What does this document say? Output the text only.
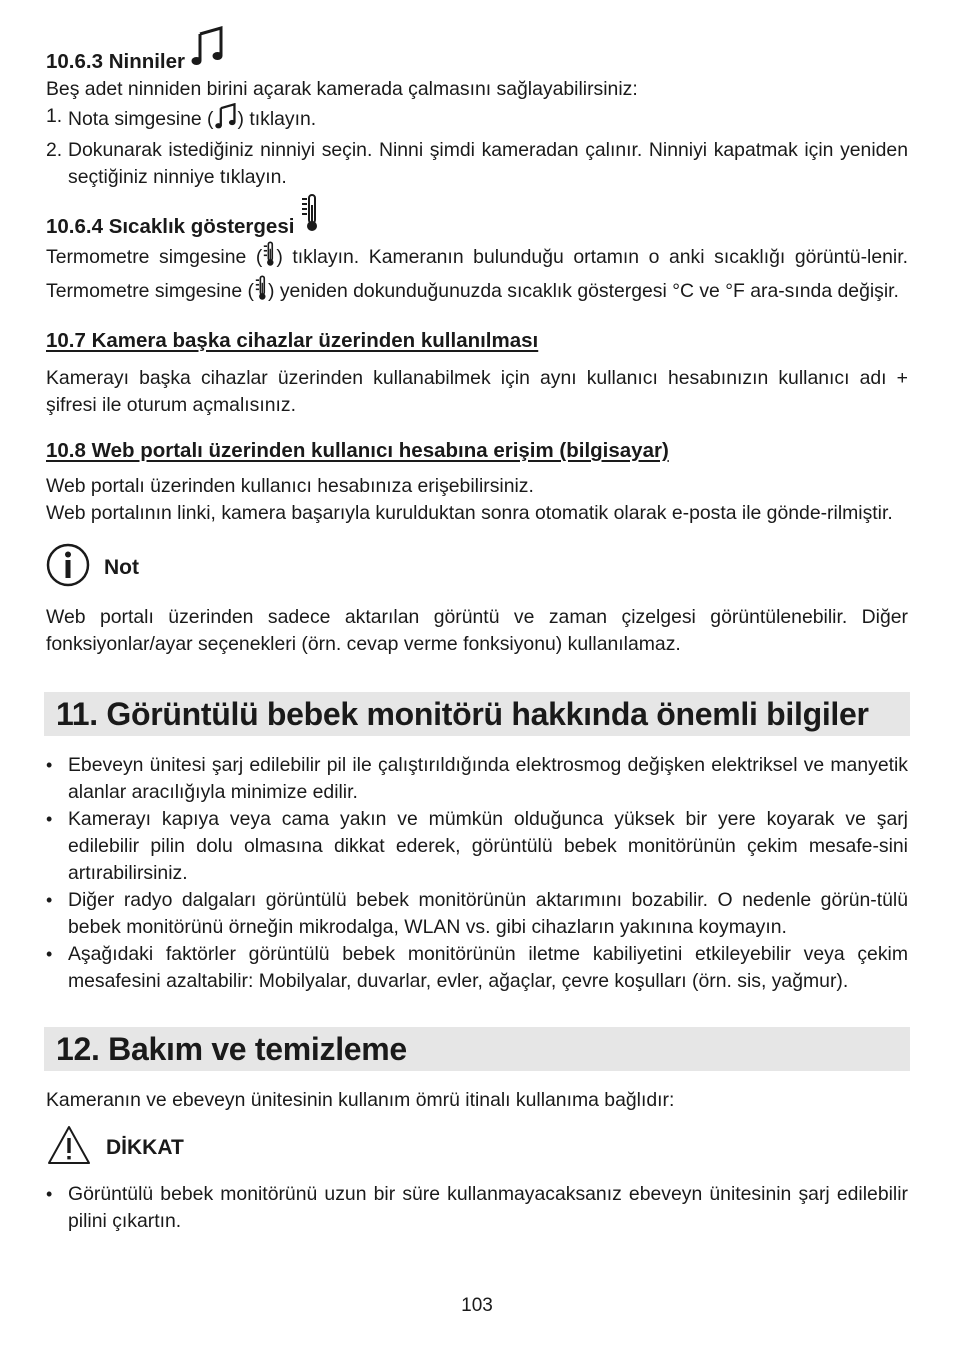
10.6.3 Ninniler

Beş adet ninniden birini açarak kamerada çalmasını sağlayabilirsiniz:

1. Nota simgesine ( ) tıklayın.
2. Dokunarak istediğiniz ninniyi seçin. Ninni şimdi kameradan çalınır. Ninniyi kapatmak için yeniden seçtiğiniz ninniye tıklayın.
10.6.4 Sıcaklık göstergesi

Termometre simgesine ( ) tıklayın. Kameranın bulunduğu ortamın o anki sıcaklığı görüntü-lenir. Termometre simgesine ( ) yeniden dokunduğunuzda sıcaklık göstergesi °C ve °F ara-sında değişir.

10.7 Kamera başka cihazlar üzerinden kullanılması

Kamerayı başka cihazlar üzerinden kullanabilmek için aynı kullanıcı hesabınızın kullanıcı adı + şifresi ile oturum açmalısınız.

10.8 Web portalı üzerinden kullanıcı hesabına erişim (bilgisayar)

Web portalı üzerinden kullanıcı hesabınıza erişebilirsiniz.

Web portalının linki, kamera başarıyla kurulduktan sonra otomatik olarak e-posta ile gönde-rilmiştir.

Not

Web portalı üzerinden sadece aktarılan görüntü ve zaman çizelgesi görüntülenebilir. Diğer fonksiyonlar/ayar seçenekleri (örn. cevap verme fonksiyonu) kullanılamaz.

11. Görüntülü bebek monitörü hakkında önemli bilgiler
• Ebeveyn ünitesi şarj edilebilir pil ile çalıştırıldığında elektrosmog değişken elektriksel ve manyetik alanlar aracılığıyla minimize edilir.
• Kamerayı kapıya veya cama yakın ve mümkün olduğunca yüksek bir yere koyarak ve şarj edilebilir pilin dolu olmasına dikkat ederek, görüntülü bebek monitörünün çekim mesafe-sini artırabilirsiniz.
• Diğer radyo dalgaları görüntülü bebek monitörünün aktarımını bozabilir. O nedenle görün-tülü bebek monitörünü örneğin mikrodalga, WLAN vs. gibi cihazların yakınına koymayın.
• Aşağıdaki faktörler görüntülü bebek monitörünün iletme kabiliyetini etkileyebilir veya çekim mesafesini azaltabilir: Mobilyalar, duvarlar, evler, ağaçlar, çevre koşulları (örn. sis, yağmur).
12. Bakım ve temizleme

Kameranın ve ebeveyn ünitesinin kullanım ömrü itinalı kullanıma bağlıdır:

DİKKAT
• Görüntülü bebek monitörünü uzun bir süre kullanmayacaksanız ebeveyn ünitesinin şarj edilebilir pilini çıkartın.
103
